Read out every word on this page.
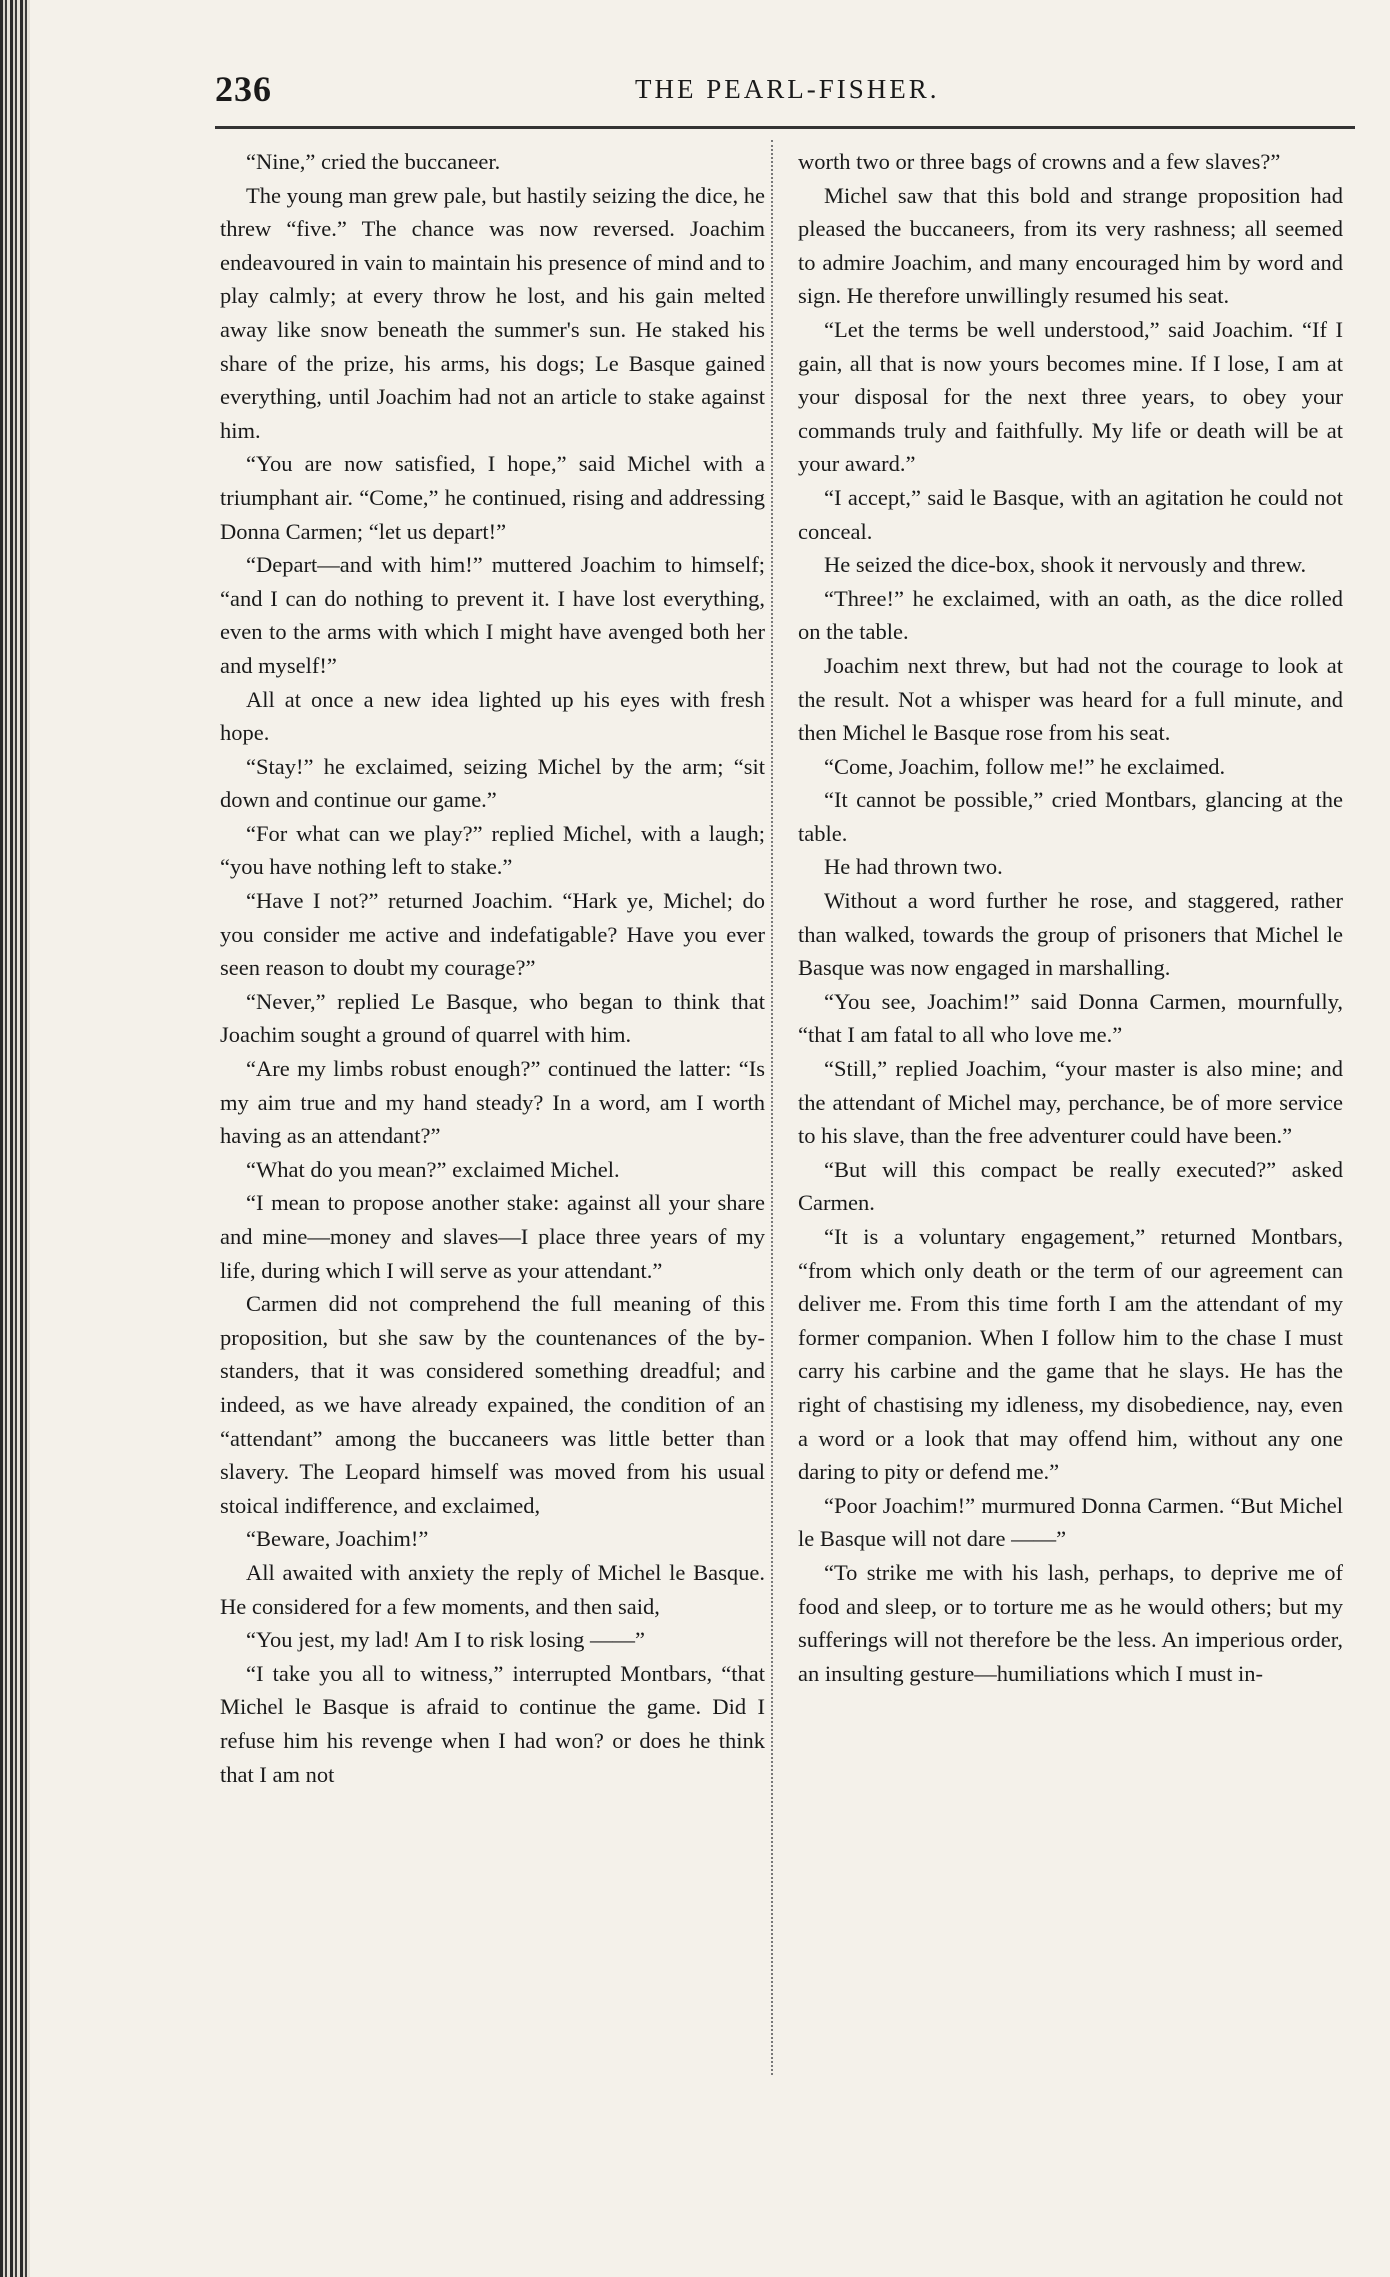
236	THE PEARL-FISHER.

“Nine,” cried the buccaneer.

The young man grew pale, but hastily seizing the dice, he threw “five.” The chance was now reversed. Joachim endeavoured in vain to maintain his presence of mind and to play calmly; at every throw he lost, and his gain melted away like snow beneath the summer's sun. He staked his share of the prize, his arms, his dogs; Le Basque gained everything, until Joachim had not an article to stake against him.

“You are now satisfied, I hope,” said Michel with a triumphant air. “Come,” he continued, rising and addressing Donna Carmen; “let us depart!”

“Depart—and with him!” muttered Joachim to himself; “and I can do nothing to prevent it. I have lost everything, even to the arms with which I might have avenged both her and myself!”

All at once a new idea lighted up his eyes with fresh hope.

“Stay!” he exclaimed, seizing Michel by the arm; “sit down and continue our game.”

“For what can we play?” replied Michel, with a laugh; “you have nothing left to stake.”

“Have I not?” returned Joachim. “Hark ye, Michel; do you consider me active and indefatigable? Have you ever seen reason to doubt my courage?”

“Never,” replied Le Basque, who began to think that Joachim sought a ground of quarrel with him.

“Are my limbs robust enough?” continued the latter: “Is my aim true and my hand steady? In a word, am I worth having as an attendant?”

“What do you mean?” exclaimed Michel.

“I mean to propose another stake: against all your share and mine—money and slaves—I place three years of my life, during which I will serve as your attendant.”

Carmen did not comprehend the full meaning of this proposition, but she saw by the countenances of the by-standers, that it was considered something dreadful; and indeed, as we have already expained, the condition of an “attendant” among the buccaneers was little better than slavery. The Leopard himself was moved from his usual stoical indifference, and exclaimed,

“Beware, Joachim!”

All awaited with anxiety the reply of Michel le Basque. He considered for a few moments, and then said,

“You jest, my lad! Am I to risk losing ——”

“I take you all to witness,” interrupted Montbars, “that Michel le Basque is afraid to continue the game. Did I refuse him his revenge when I had won? or does he think that I am not

worth two or three bags of crowns and a few slaves?”

Michel saw that this bold and strange proposition had pleased the buccaneers, from its very rashness; all seemed to admire Joachim, and many encouraged him by word and sign. He therefore unwillingly resumed his seat.

“Let the terms be well understood,” said Joachim. “If I gain, all that is now yours becomes mine. If I lose, I am at your disposal for the next three years, to obey your commands truly and faithfully. My life or death will be at your award.”

“I accept,” said le Basque, with an agitation he could not conceal.

He seized the dice-box, shook it nervously and threw.

“Three!” he exclaimed, with an oath, as the dice rolled on the table.

Joachim next threw, but had not the courage to look at the result. Not a whisper was heard for a full minute, and then Michel le Basque rose from his seat.

“Come, Joachim, follow me!” he exclaimed.

“It cannot be possible,” cried Montbars, glancing at the table.

He had thrown two.

Without a word further he rose, and staggered, rather than walked, towards the group of prisoners that Michel le Basque was now engaged in marshalling.

“You see, Joachim!” said Donna Carmen, mournfully, “that I am fatal to all who love me.”

“Still,” replied Joachim, “your master is also mine; and the attendant of Michel may, perchance, be of more service to his slave, than the free adventurer could have been.”

“But will this compact be really executed?” asked Carmen.

“It is a voluntary engagement,” returned Montbars, “from which only death or the term of our agreement can deliver me. From this time forth I am the attendant of my former companion. When I follow him to the chase I must carry his carbine and the game that he slays. He has the right of chastising my idleness, my disobedience, nay, even a word or a look that may offend him, without any one daring to pity or defend me.”

“Poor Joachim!” murmured Donna Carmen. “But Michel le Basque will not dare ——”

“To strike me with his lash, perhaps, to deprive me of food and sleep, or to torture me as he would others; but my sufferings will not therefore be the less. An imperious order, an insulting gesture—humiliations which I must in-
